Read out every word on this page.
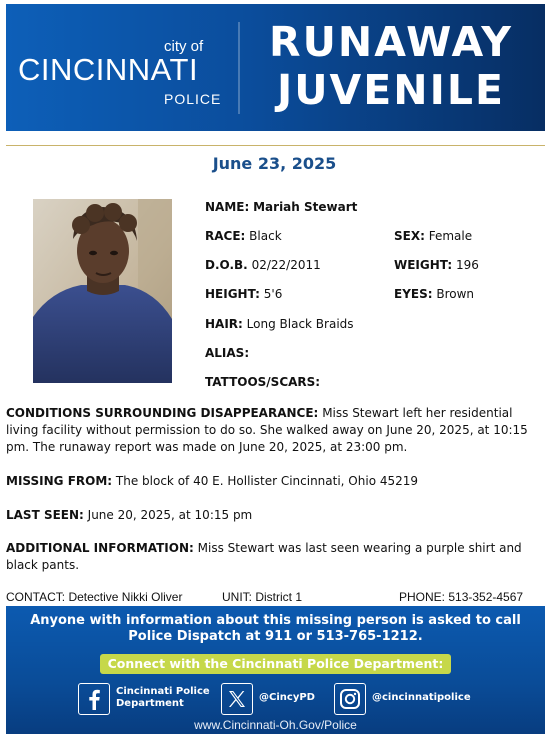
city of
CINCINNATI
POLICE
RUNAWAY
JUVENILE
June 23, 2025
NAME: Mariah Stewart
RACE: Black	SEX: Female
D.O.B. 02/22/2011	WEIGHT: 196
HEIGHT: 5'6	EYES: Brown
HAIR: Long Black Braids
ALIAS:
TATTOOS/SCARS:
CONDITIONS SURROUNDING DISAPPEARANCE: Miss Stewart left her residential living facility without permission to do so. She walked away on June 20, 2025, at 10:15 pm. The runaway report was made on June 20, 2025, at 23:00 pm.
MISSING FROM: The block of 40 E. Hollister Cincinnati, Ohio 45219
LAST SEEN: June 20, 2025, at 10:15 pm
ADDITIONAL INFORMATION: Miss Stewart was last seen wearing a purple shirt and black pants.
CONTACT: Detective Nikki Oliver	UNIT: District 1	PHONE: 513-352-4567
Anyone with information about this missing person is asked to call Police Dispatch at 911 or 513-765-1212.
Connect with the Cincinnati Police Department:
Cincinnati Police
Department
@CincyPD	@cincinnatipolice
www.Cincinnati-Oh.Gov/Police
